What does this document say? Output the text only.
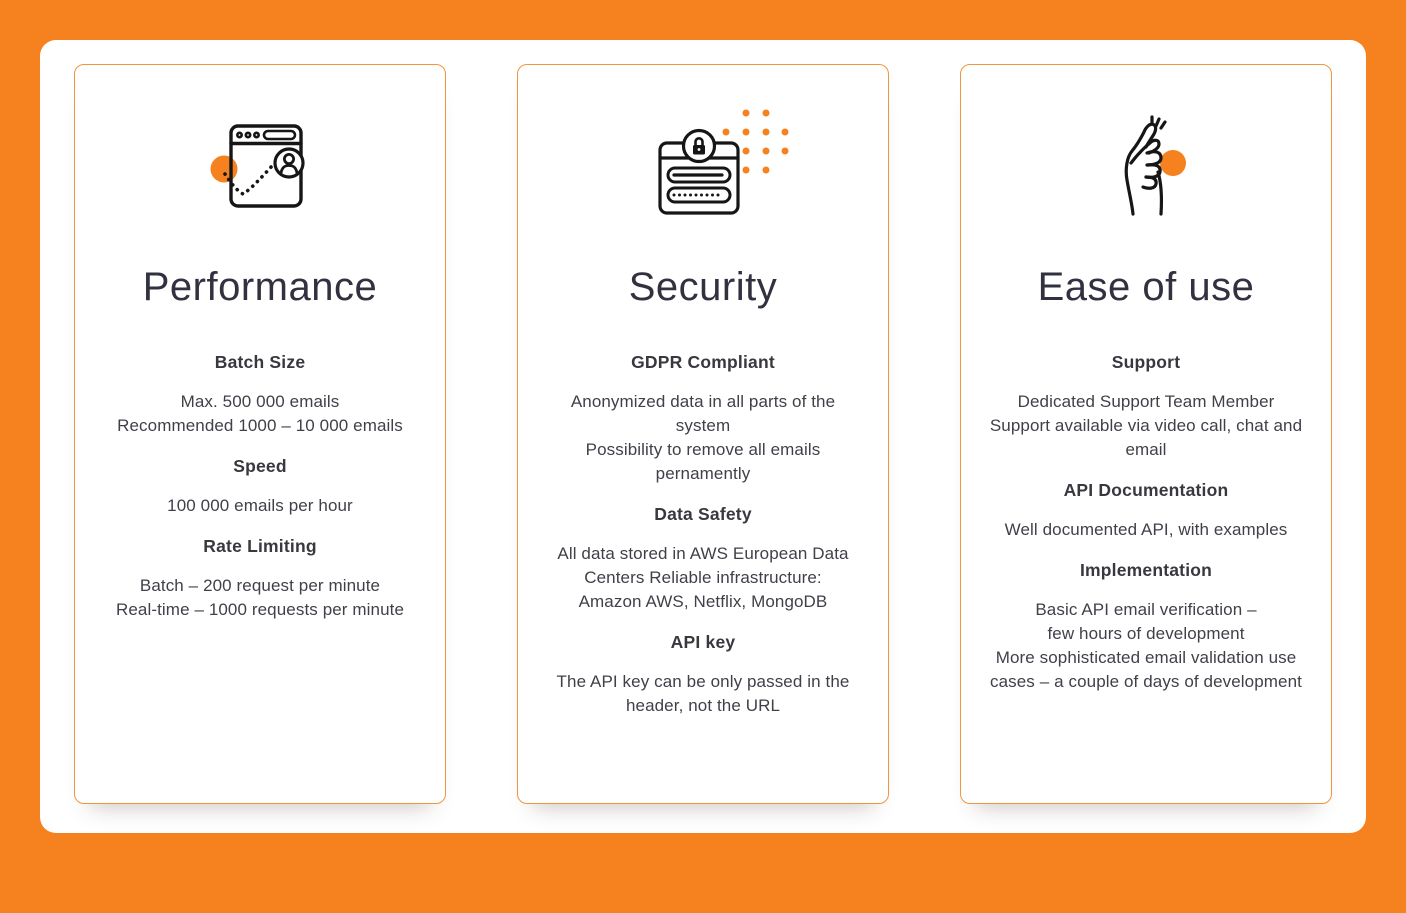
Performance
Batch Size

Max. 500 000 emails

Recommended 1000 – 10 000 emails

Speed

100 000 emails per hour

Rate Limiting

Batch – 200 request per minute

Real-time – 1000 requests per minute

Security
GDPR Compliant

Anonymized data in all parts of the system

Possibility to remove all emails pernamently

Data Safety

All data stored in AWS European Data Centers Reliable infrastructure:

Amazon AWS, Netflix, MongoDB

API key

The API key can be only passed in the header, not the URL

Ease of use
Support

Dedicated Support Team Member

Support available via video call, chat and email

API Documentation

Well documented API, with examples

Implementation

Basic API email verification –

few hours of development

More sophisticated email validation use cases – a couple of days of development
